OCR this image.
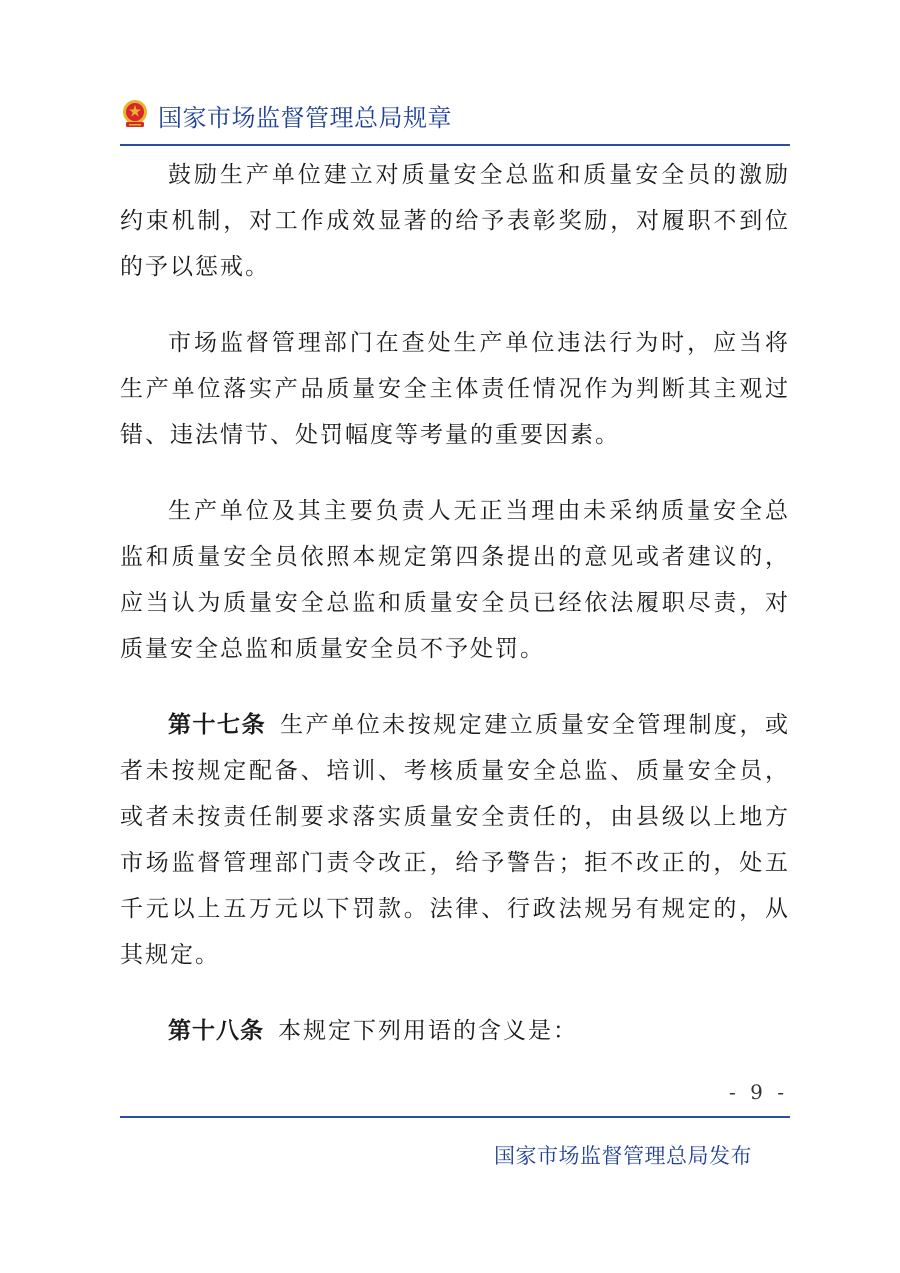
国家市场监督管理总局规章

鼓励生产单位建立对质量安全总监和质量安全员的激励约束机制，对工作成效显著的给予表彰奖励，对履职不到位的予以惩戒。

市场监督管理部门在查处生产单位违法行为时，应当将生产单位落实产品质量安全主体责任情况作为判断其主观过错、违法情节、处罚幅度等考量的重要因素。

生产单位及其主要负责人无正当理由未采纳质量安全总监和质量安全员依照本规定第四条提出的意见或者建议的，应当认为质量安全总监和质量安全员已经依法履职尽责，对质量安全总监和质量安全员不予处罚。

第十七条 生产单位未按规定建立质量安全管理制度，或者未按规定配备、培训、考核质量安全总监、质量安全员，或者未按责任制要求落实质量安全责任的，由县级以上地方市场监督管理部门责令改正，给予警告；拒不改正的，处五千元以上五万元以下罚款。法律、行政法规另有规定的，从其规定。

第十八条 本规定下列用语的含义是：

- 9 -
国家市场监督管理总局发布
